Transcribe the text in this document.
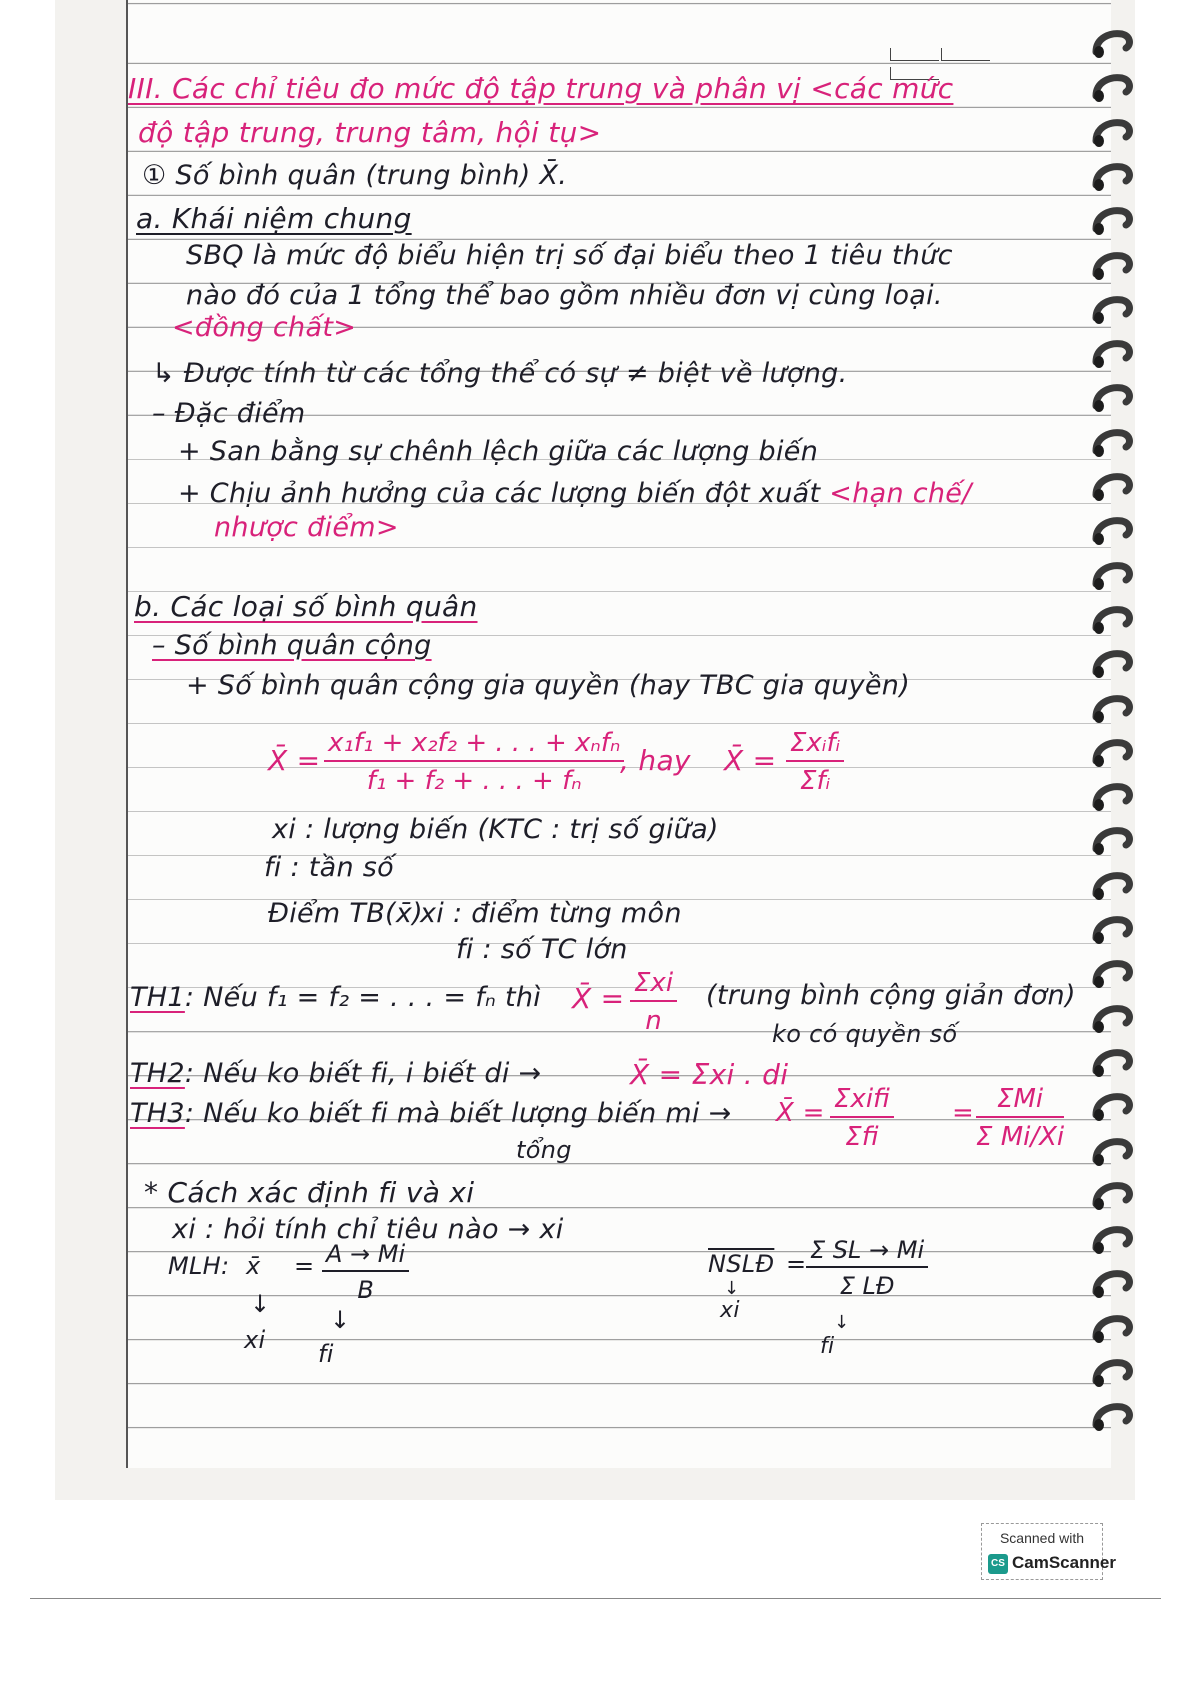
III. Các chỉ tiêu đo mức độ tập trung và phân vị <các mức
độ tập trung, trung tâm, hội tụ>
① Số bình quân (trung bình) X̄.
a. Khái niệm chung
SBQ là mức độ biểu hiện trị số đại biểu theo 1 tiêu thức
nào đó của 1 tổng thể bao gồm nhiều đơn vị cùng loại.
<đồng chất>
↳ Được tính từ các tổng thể có sự ≠ biệt về lượng.
– Đặc điểm
+ San bằng sự chênh lệch giữa các lượng biến
+ Chịu ảnh hưởng của các lượng biến đột xuất <hạn chế/
nhược điểm>
b. Các loại số bình quân
– Số bình quân cộng
+ Số bình quân cộng gia quyền (hay TBC gia quyền)
X̄ =
x₁f₁ + x₂f₂ + . . . + xₙfₙ
f₁ + f₂ + . . . + fₙ
, hay X̄ =
Σxᵢfᵢ
Σfᵢ
xi : lượng biến (KTC : trị số giữa)
fi : tần số
Điểm TB(x̄)
xi : điểm từng môn
fi : số TC lớn
TH1: Nếu f₁ = f₂ = . . . = fₙ thì X̄ = Σxi
n
(trung bình cộng giản đơn)
ko có quyền số
TH2: Nếu ko biết fi, i biết di →	X̄ = Σxi . di
TH3: Nếu ko biết fi mà biết lượng biến mi →
tổng
X̄ = Σxifi
Σfi
= ΣMi
Σ Mi/Xi
* Cách xác định fi và xi
xi : hỏi tính chỉ tiêu nào → xi
MLH: x̄ = $\frac{A \to Mi}{B}$
↓
↓
xi fi
NSLĐ = $\frac{\text{Σ SL → Mi}}{\text{Σ LĐ}}$
↓
xi	↓
fi
Scanned with
CS CamScanner
